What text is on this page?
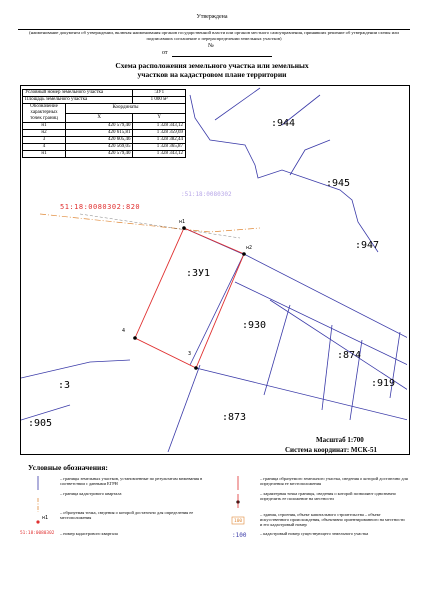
Утверждена
(наименование документа об утверждении, включая наименования органов государственной власти или органов местного самоуправления, принявших решение об утверждении схемы или подписавших соглашение о перераспределении земельных участков)
от
№
Схема расположения земельного участка или земельных
участков на кадастровом плане территории
:944
:945
:947
:ЗУ1
:930
:874
:919
:873
:3
:905
51:18:0080302:820
:51:18:0080302
н1
н2
3
4
Условный номер земельного участка		:ЗУ1
Площадь земельного участка		1 000 м²
Обозначение характерных точек границ	Координаты	
	X	Y
н1	420 579,40	1 328 343,12
н2	420 615,81	1 328 359,69
3	420 605,46	1 328 382,44
4	420 569,05	1 328 365,87
н1	420 579,40	1 328 343,12
Масштаб 1:700
Система координат: МСК-51
Условные обозначения:
– границы земельных участков, установленные по результатам межевания в соответствии с данными ЕГРН
– граница кадастрового квартала
– образуемая точка, сведения о которой достаточно для определения ее местоположения
– номер кадастрового квартала
н1
51:18:0080302
– граница образуемого земельного участка, сведения о которой достаточно для определения ее местоположения
– характерная точка границы, сведения о которой позволяют однозначно определить ее положение на местности
– здания, строения, объект капитального строительства – объект искусственного происхождения, объективно ориентированного на местности и его кадастровый номер
– кадастровый номер существующего земельного участка
100
:100
